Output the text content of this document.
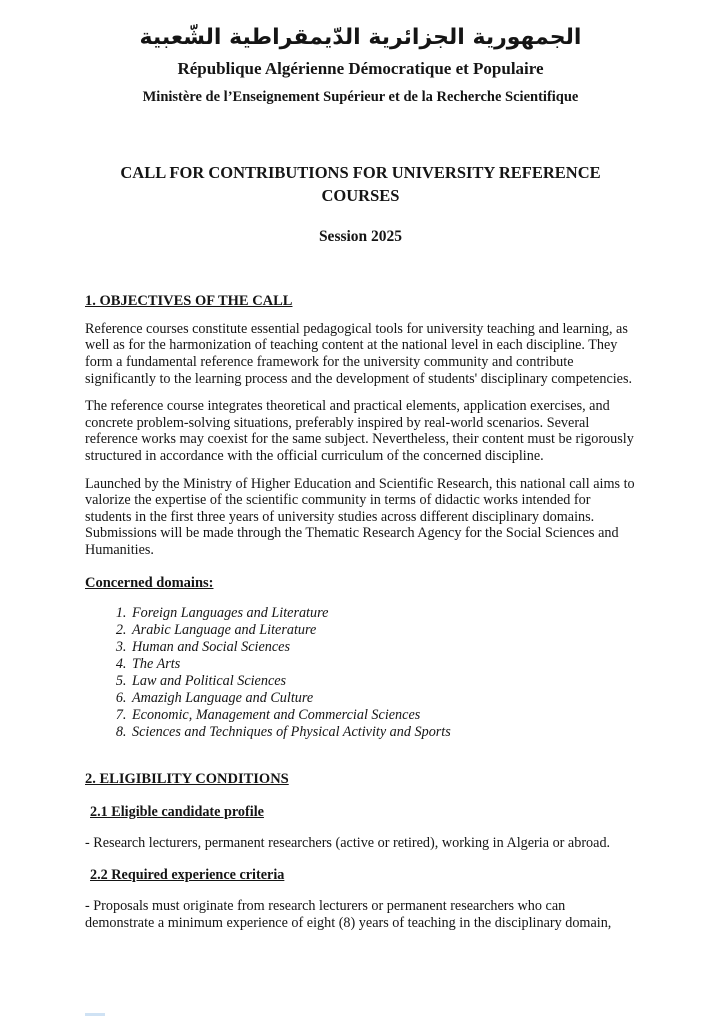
الجمهورية الجزائرية الدّيمقراطية الشّعبية
République Algérienne Démocratique et Populaire
Ministère de l’Enseignement Supérieur et de la Recherche Scientifique
CALL FOR CONTRIBUTIONS FOR UNIVERSITY REFERENCE COURSES
Session 2025
1. OBJECTIVES OF THE CALL

Reference courses constitute essential pedagogical tools for university teaching and learning, as well as for the harmonization of teaching content at the national level in each discipline. They form a fundamental reference framework for the university community and contribute significantly to the learning process and the development of students' disciplinary competencies.

The reference course integrates theoretical and practical elements, application exercises, and concrete problem-solving situations, preferably inspired by real-world scenarios. Several reference works may coexist for the same subject. Nevertheless, their content must be rigorously structured in accordance with the official curriculum of the concerned discipline.

Launched by the Ministry of Higher Education and Scientific Research, this national call aims to valorize the expertise of the scientific community in terms of didactic works intended for students in the first three years of university studies across different disciplinary domains. Submissions will be made through the Thematic Research Agency for the Social Sciences and Humanities.

Concerned domains:
1. Foreign Languages and Literature
2. Arabic Language and Literature
3. Human and Social Sciences
4. The Arts
5. Law and Political Sciences
6. Amazigh Language and Culture
7. Economic, Management and Commercial Sciences
8. Sciences and Techniques of Physical Activity and Sports
2. ELIGIBILITY CONDITIONS
2.1 Eligible candidate profile

- Research lecturers, permanent researchers (active or retired), working in Algeria or abroad.

2.2 Required experience criteria

- Proposals must originate from research lecturers or permanent researchers who can demonstrate a minimum experience of eight (8) years of teaching in the disciplinary domain,
